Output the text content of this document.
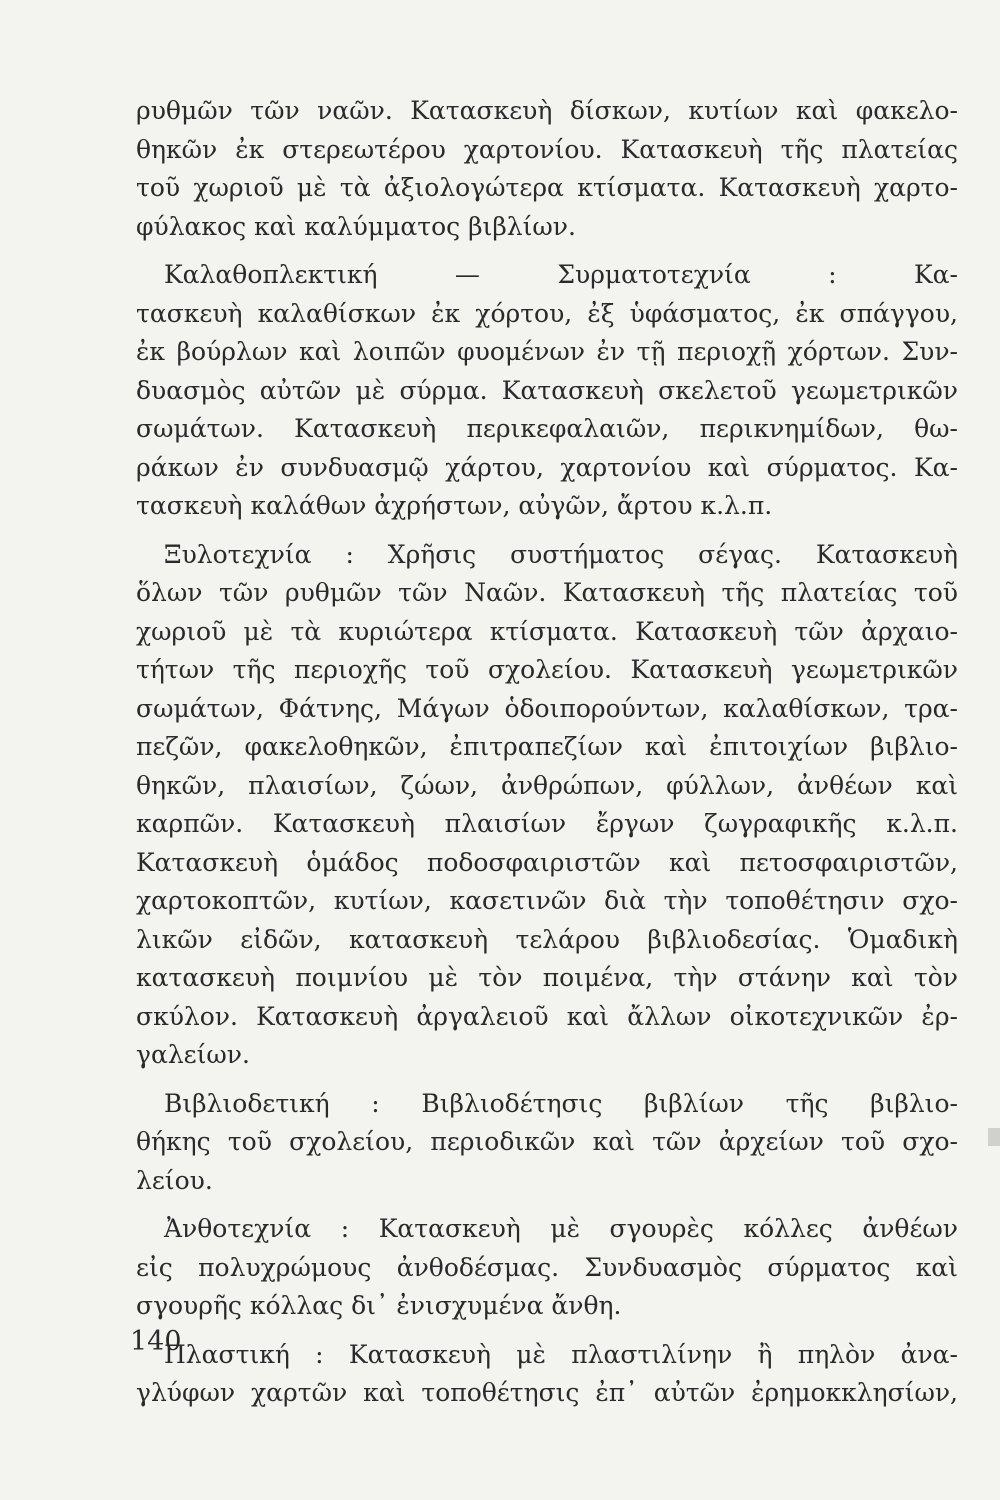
ρυθμῶν τῶν ναῶν. Κατασκευὴ δίσκων, κυτίων καὶ φακελο-
θηκῶν ἐκ στερεωτέρου χαρτονίου. Κατασκευὴ τῆς πλατείας
τοῦ χωριοῦ μὲ τὰ ἀξιολογώτερα κτίσματα. Κατασκευὴ χαρτο-
φύλακος καὶ καλύμματος βιβλίων.
Καλαθοπλεκτική — Συρματοτεχνία : Κα-
τασκευὴ καλαθίσκων ἐκ χόρτου, ἐξ ὑφάσματος, ἐκ σπάγγου,
ἐκ βούρλων καὶ λοιπῶν φυομένων ἐν τῇ περιοχῇ χόρτων. Συν-
δυασμὸς αὐτῶν μὲ σύρμα. Κατασκευὴ σκελετοῦ γεωμετρικῶν
σωμάτων. Κατασκευὴ περικεφαλαιῶν, περικνημίδων, θω-
ράκων ἐν συνδυασμῷ χάρτου, χαρτονίου καὶ σύρματος. Κα-
τασκευὴ καλάθων ἀχρήστων, αὐγῶν, ἄρτου κ.λ.π.
Ξυλοτεχνία : Χρῆσις συστήματος σέγας. Κατασκευὴ
ὅλων τῶν ρυθμῶν τῶν Ναῶν. Κατασκευὴ τῆς πλατείας τοῦ
χωριοῦ μὲ τὰ κυριώτερα κτίσματα. Κατασκευὴ τῶν ἀρχαιο-
τήτων τῆς περιοχῆς τοῦ σχολείου. Κατασκευὴ γεωμετρικῶν
σωμάτων, Φάτνης, Μάγων ὁδοιπορούντων, καλαθίσκων, τρα-
πεζῶν, φακελοθηκῶν, ἐπιτραπεζίων καὶ ἐπιτοιχίων βιβλιο-
θηκῶν, πλαισίων, ζώων, ἀνθρώπων, φύλλων, ἀνθέων καὶ
καρπῶν. Κατασκευὴ πλαισίων ἔργων ζωγραφικῆς κ.λ.π.
Κατασκευὴ ὁμάδος ποδοσφαιριστῶν καὶ πετοσφαιριστῶν,
χαρτοκοπτῶν, κυτίων, κασετινῶν διὰ τὴν τοποθέτησιν σχο-
λικῶν εἰδῶν, κατασκευὴ τελάρου βιβλιοδεσίας. Ὁμαδικὴ
κατασκευὴ ποιμνίου μὲ τὸν ποιμένα, τὴν στάνην καὶ τὸν
σκύλον. Κατασκευὴ ἀργαλειοῦ καὶ ἄλλων οἰκοτεχνικῶν ἐρ-
γαλείων.
Βιβλιοδετική : Βιβλιοδέτησις βιβλίων τῆς βιβλιο-
θήκης τοῦ σχολείου, περιοδικῶν καὶ τῶν ἀρχείων τοῦ σχο-
λείου.
Ἀνθοτεχνία : Κατασκευὴ μὲ σγουρὲς κόλλες ἀνθέων
εἰς πολυχρώμους ἀνθοδέσμας. Συνδυασμὸς σύρματος καὶ
σγουρῆς κόλλας δι᾽ ἐνισχυμένα ἄνθη.
Πλαστική : Κατασκευὴ μὲ πλαστιλίνην ἢ πηλὸν ἀνα-
γλύφων χαρτῶν καὶ τοποθέτησις ἐπ᾽ αὐτῶν ἐρημοκκλησίων,
140
